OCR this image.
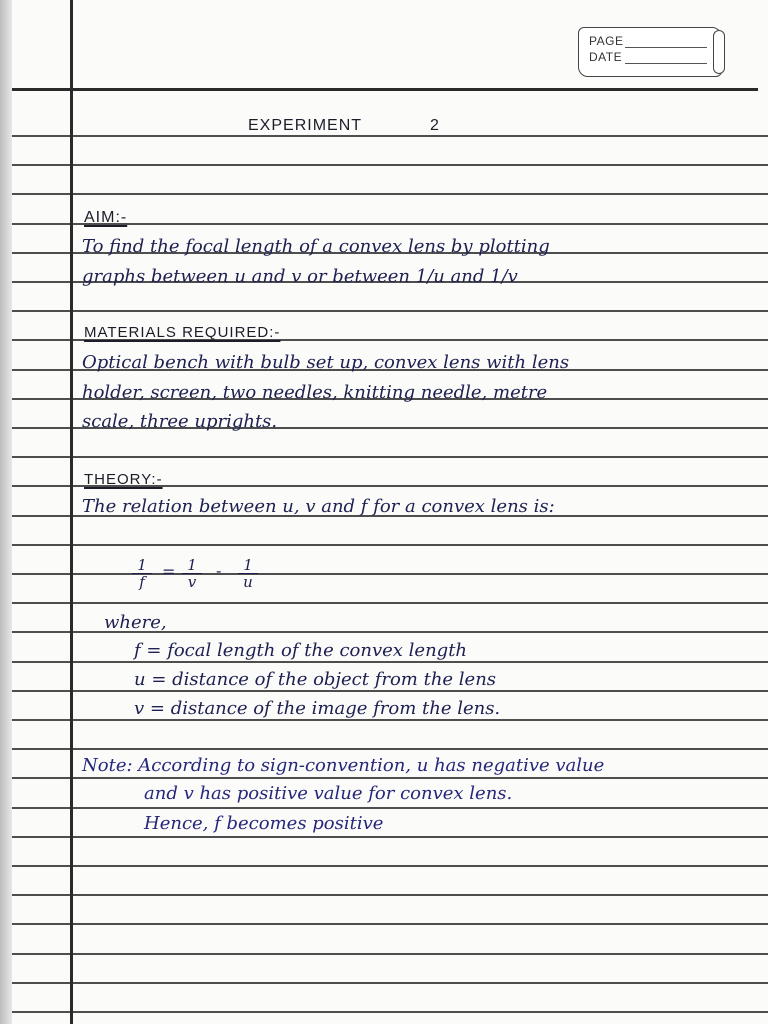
PAGE
DATE
EXPERIMENT	2
AIM:-
To find the focal length of a convex lens by plotting
graphs between u and v or between 1/u and 1/v
MATERIALS REQUIRED:-
Optical bench with bulb set up, convex lens with lens
holder, screen, two needles, knitting needle, metre
scale, three uprights.
THEORY:-
The relation between u, v and f for a convex lens is:
$\frac{1}{f} = \frac{1}{v} - \frac{1}{u}$
where,
f = focal length of the convex length
u = distance of the object from the lens
v = distance of the image from the lens.
Note: According to sign-convention, u has negative value
and v has positive value for convex lens.
Hence, f becomes positive
